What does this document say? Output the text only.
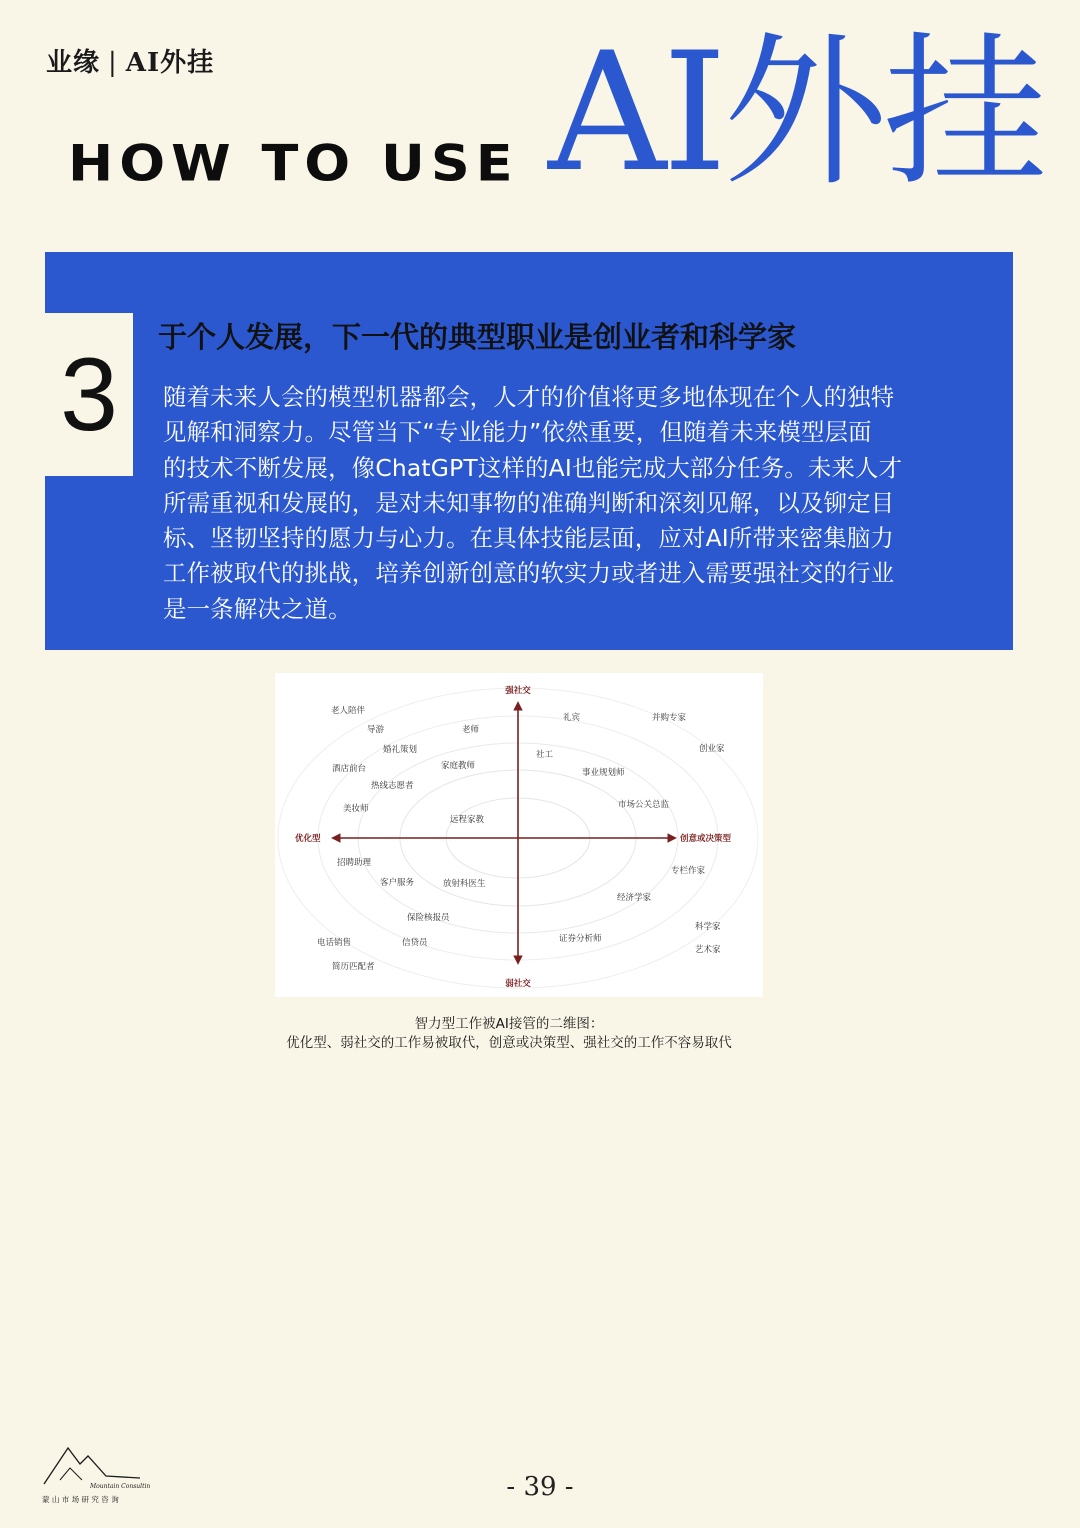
业缘 | AI外挂
HOW TO USE AI外挂
3 于个人发展，下一代的典型职业是创业者和科学家
随着未来人会的模型机器都会，人才的价值将更多地体现在个人的独特
见解和洞察力。尽管当下“专业能力”依然重要，但随着未来模型层面
的技术不断发展，像ChatGPT这样的AI也能完成大部分任务。未来人才
所需重视和发展的，是对未知事物的准确判断和深刻见解，以及铆定目
标、坚韧坚持的愿力与心力。在具体技能层面，应对AI所带来密集脑力
工作被取代的挑战，培养创新创意的软实力或者进入需要强社交的行业
是一条解决之道。
强社交
弱社交
优化型	创意或决策型
老人陪伴
导游	老师
婚礼策划
家庭教师
酒店前台
热线志愿者
美妆师
远程家教
礼宾	并购专家
社工
创业家
事业规划师
市场公关总监
招聘助理
客户服务	放射科医生
专栏作家
经济学家
保险核报员
电话销售	信贷员
简历匹配者
证券分析师
科学家
艺术家
智力型工作被AI接管的二维图：
优化型、弱社交的工作易被取代，创意或决策型、强社交的工作不容易取代
Mountain Consulting
蒙 山 市 场 研 究 咨 询	- 39 -
